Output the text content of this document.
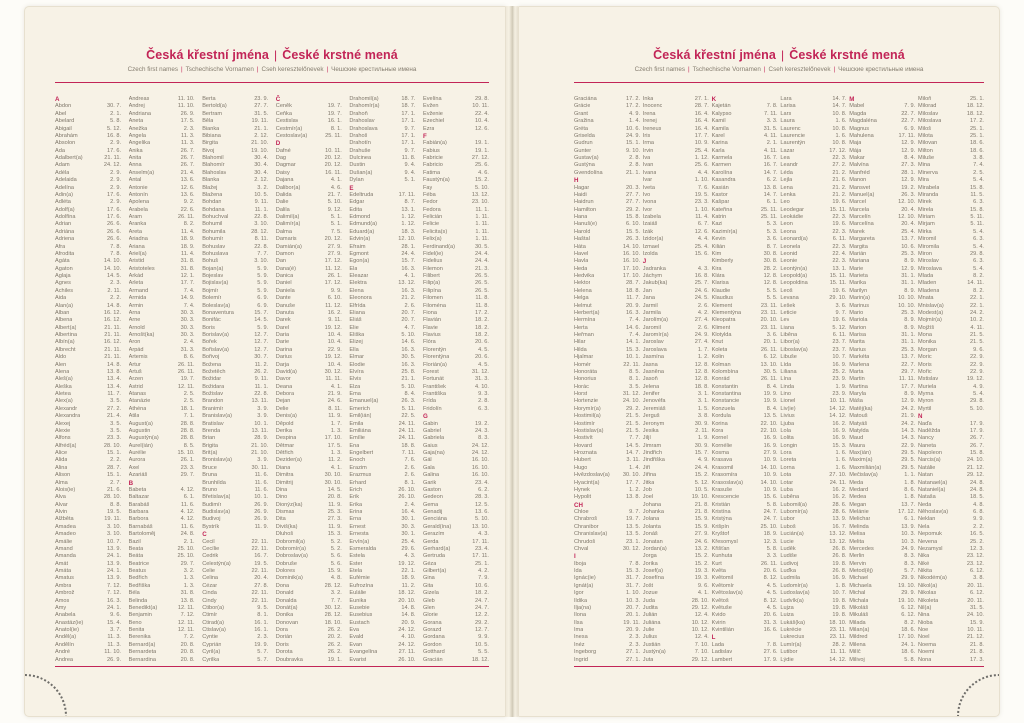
Česká křestní jména | České krstné mená
Czech first names | Tschechische Vornamen | Cseh keresztelőnevek | Чешские крестильные имена
A
Abdon	30. 7.
Ábel	2. 1.
Abelard	5. 8.
Abigail	5. 12.
Abrahám	16. 8.
Absolon	2. 9.
Ada	17. 6.
Adalbert(a)	21. 11.
Adam	24. 12.
Adéla	2. 9.
Adelaida	2. 9.
Adelína	2. 9.
Adin(a)	17. 6.
Adléta	2. 9.
Adolf(a)	17. 6.
Adolfína	17. 6.
Adrian	26. 6.
Adriána	26. 6.
Adriena	26. 6.
Afra	7. 8.
Afrodita	7. 8.
Agáta	14. 10.
Agaton	14. 10.
Aglaja	14. 5.
Agnes	2. 3.
Achiles	2. 11.
Aida	2. 2.
Alan(a)	14. 8.
Alban	16. 12.
Albena	16. 12.
Albert(a)	21. 11.
Albertina	21. 11.
Albín(a)	16. 12.
Albrecht	21. 11.
Aldo	21. 11.
Alen	14. 8.
Alena	13. 8.
Aleš(a)	13. 4.
Aleška	13. 4.
Aletea	11. 7.
Alex(a)	3. 5.
Alexandr	27. 2.
Alexandra	21. 4.
Alexej	3. 5.
Alexie	3. 5.
Alfons	23. 3.
Alfréd(a)	28. 10.
Alice	15. 1.
Alida	2. 2.
Alina	28. 7.
Alison	15. 1.
Alma	2. 7.
Alois(ie)	21. 6.
Alva	28. 10.
Alvar	8. 8.
Alvin	19. 5.
Alžběta	19. 11.
Amadea	3. 10.
Amadeo	3. 10.
Amálie	10. 7.
Amand	13. 9.
Amanda	24. 1.
Amát	13. 9.
Amáta	24. 1.
Amatus	13. 9.
Ambra	7. 12.
Ambrož	7. 12.
Ámos	16. 3.
Amy	24. 1.
Anabela	9. 6.
Anastáz(ie)	15. 4.
Anatol(ie)	3. 7.
Anděl(a)	11. 3.
Andělín	11. 3.
André	11. 10.
Andrea	26. 9.
Andreas	11. 10.
Andrej	11. 10.
Andriana	26. 9.
Aneta	17. 5.
Anežka	2. 3.
Angela	11. 3.
Angelika	11. 3.
Anika	26. 7.
Anita	26. 7.
Anna	26. 7.
Anselm(a)	21. 4.
Antal	13. 6.
Antonie	12. 6.
Antonín	13. 6.
Apolena	9. 2.
Arabela	22. 6.
Aram	26. 11.
Aranka	8. 2.
Areta	11. 4.
Ariadna	18. 9.
Ariana	18. 9.
Ariel(a)	11. 4.
Aristid	31. 8.
Aristoteles	31. 8.
Arkád	12. 1.
Arleta	17. 7.
Armand	7. 4.
Armida	14. 9.
Armin	7. 4.
Arna	30. 3.
Arne	30. 3.
Arnold	30. 3.
Arnošt(ka)	30. 3.
Áron	2. 4.
Árpád	31. 3.
Artemis	8. 6.
Artur	26. 11.
Artuš	26. 11.
Arzen	19. 7.
Astrid	12. 11.
Atanas	2. 5.
Atanázie	2. 5.
Athéna	18. 1.
Atila	7. 1.
August(a)	28. 8.
Augustin	28. 8.
Augustýn(a)	28. 8.
Aurel(ián)	8. 5.
Aurélie	15. 10.
Aurora	26. 1.
Axel	23. 3.
Azariáš	29. 7.
B
Babeta	4. 12.
Baltazar	6. 1.
Barabáš	11. 6.
Barbara	4. 12.
Barbora	4. 12.
Barnabáš	11. 6.
Bartoloměj	24. 8.
Bazil	2. 1.
Beata	25. 10.
Beáta	25. 10.
Beatrice	29. 7.
Beatus	3. 2.
Bedřich	1. 3.
Bedřiška	1. 3.
Béla	31. 8.
Belinda	13. 8.
Benedikt(a)	12. 11.
Benjamin	7. 12.
Beno	12. 11.
Benita	12. 11.
Berenika	7. 2.
Bernard(a)	20. 8.
Bernardeta	20. 8.
Bernardina	20. 8.
Berta	23. 9.
Bertold(a)	27. 7.
Bertram	31. 5.
Běla	19. 11.
Bianka	21. 1.
Bibiana	2. 12.
Birgita	21. 10.
Bivoj	19. 10.
Blahomil	30. 4.
Blahomír	30. 4.
Blahoslav	30. 4.
Blanka	2. 12.
Blažej	3. 2.
Blažena	10. 5.
Bohdan	9. 11.
Bohdana	11. 1.
Bohuchval	22. 8.
Bohumil	3. 10.
Bohumila	28. 12.
Bohumír	8. 11.
Bohuslav	22. 8.
Bohuslava	7. 7.
Bohuš	3. 10.
Bojan(a)	5. 9.
Bojeslav	5. 9.
Bojislav(a)	5. 9.
Bojmír	5. 9.
Bolemír	6. 9.
Boleslav(a)	6. 9.
Bonaventura	15. 7.
Bonifác	14. 5.
Boris	5. 9.
Borislav(a)	12. 7.
Bořek	12. 7.
Bořislav(a)	12. 7.
Bořivoj	30. 7.
Božena	11. 2.
Božetěch	26. 2.
Božidar	9. 11.
Božidara	11. 1.
Božislav	22. 8.
Brandon	13. 11.
Branimír	3. 9.
Branislav(a)	3. 9.
Bratislav	10. 1.
Brenda	13. 11.
Brian	28. 9.
Brigita	21. 10.
Brit(a)	21. 10.
Bronislav(a)	3. 9.
Bruce	30. 11.
Bruna	11. 6.
Brunhilda	11. 6.
Bruno	11. 6.
Břetislav(a)	10. 1.
Budimír	26. 9.
Budislav(a)	26. 9.
Budivoj	26. 9.
Bystrík	11. 9.
C
Cecil	22. 11.
Cecílie	22. 11.
Cedrik	16. 7.
Celestýn(a)	19. 5.
Celie	22. 11.
Celina	20. 4.
Cézar	27. 8.
Cinda	22. 11.
Cindy	22. 11.
Ctibor(a)	9. 5.
Ctimír	8. 1.
Ctirad(a)	16. 1.
Ctislav(a)	16. 1.
Cyntie	2. 3.
Cyprián	19. 9.
Cyril(a)	5. 7.
Cyrilka	5. 7.
Č
Čeněk	19. 7.
Čeňka	19. 7.
Čestislav	16. 1.
Čestmír(a)	8. 1.
Čestoslav(a)	25. 11.
D
Dafné	10. 11.
Dag	20. 12.
Dagmar	20. 12.
Daisy	16. 11.
Dajana	4. 1.
Dalibor(a)	4. 6.
Dalida	21. 7.
Dalie	5. 10.
Dalila	9. 12.
Dalimil(a)	5. 1.
Dalimír(a)	5. 1.
Dalma	7. 5.
Damaris	20. 12.
Damián(a)	27. 9.
Damon	27. 9.
Dan	17. 12.
Dana(é)	11. 12.
Danica	26. 1.
Daniel	17. 12.
Daniela	9. 9.
Dante	6. 10.
Danuše	11. 12.
Danuta	16. 2.
Darek	9. 11.
Darel	19. 12.
Daria	10. 4.
Darie	10. 4.
Darina	22. 9.
Darius	19. 12.
Darja	10. 4.
David(a)	30. 12.
Davor	11. 11.
Deana	4. 1.
Debora	21. 9.
Dejan	24. 6.
Delie	8. 11.
Denis(a)	11. 9.
Děpold	1. 7.
Derika	1. 3.
Despina	17. 10.
Dětmar	17. 5.
Dětřich	1. 3.
Dezider(a)	11. 2.
Diana	4. 1.
Dimitra	30. 10.
Dimitrij	30. 10.
Dina	14. 5.
Dino	20. 8.
Dionýz(ka)	11. 9.
Dismas	25. 3.
Dita	27. 3.
Diviš(ka)	11. 9.
Dluhoš	15. 3.
Dobromil(a)	5. 2.
Dobromír(a)	5. 2.
Dobroslav(a)	5. 6.
Dobruše	5. 6.
Dolores	15. 9.
Dominik(a)	4. 8.
Dona	28. 12.
Donald	3. 2.
Donalda	7. 7.
Donát(a)	30. 12.
Donika	28. 12.
Donovan	18. 10.
Dora	26. 2.
Dorián	20. 2.
Doris	26. 2.
Dorota	26. 2.
Doubravka	19. 1.
Drahomil(a)	18. 7.
Drahomír(a)	18. 7.
Drahoň	17. 1.
Drahoslav	17. 1.
Drahoslava	9. 7.
Drahoš	17. 1.
Drahotín	17. 1.
Drahuše	9. 7.
Dulcinea	11. 8.
Dustin	9. 4.
Dušan(a)	9. 4.
Dylan	5. 1.
E
Edeltruda	17. 11.
Edgar	8. 7.
Edita	13. 1.
Edmond	1. 12.
Edmund(a)	1. 12.
Eduard(a)	18. 3.
Edvin(a)	12. 10.
Efraim	28. 1.
Egmont	24. 4.
Egon(a)	15. 7.
Ela	16. 3.
Eleazar	4. 1.
Elektra	13. 12.
Elena	16. 3.
Eleonora	21. 2.
Elfrída	2. 6.
Eliana	20. 7.
Eliáš	20. 7.
Elie	4. 7.
Eliška	5. 10.
Elizej	14. 6.
Ella	16. 3.
Elmar	30. 5.
Elodie	16. 3.
Elvíra	25. 8.
Elvis	21. 1.
Elza	5. 10.
Ema	8. 4.
Emanuel(a)	26. 3.
Emerich	5. 11.
Emil(ián)	22. 5.
Emila	24. 11.
Emiliána	24. 11.
Emílie	24. 11.
Ena	18. 8.
Engelbert	7. 11.
Enoch	7. 6.
Erazim	2. 6.
Erazmus	2. 6.
Erhard	8. 1.
Erich	26. 10.
Erik	26. 10.
Erika	2. 4.
Erina	16. 4.
Erna	30. 1.
Ernest	30. 3.
Ernesta	30. 1.
Ervín(a)	25. 4.
Esmeralda	29. 6.
Estela	4. 3.
Ester	19. 12.
Etela	22. 1.
Eufémie	18. 9.
Eufrozína	11. 2.
Eulálie	18. 12.
Eunika	20. 10.
Eusebie	14. 8.
Eusebius	14. 8.
Eustach	20. 9.
Eva	24. 12.
Evald	4. 10.
Evan	24. 12.
Evangelína	27. 11.
Evarist	26. 10.
Evelína	29. 8.
Evžen	10. 11.
Evženie	22. 4.
Ezechiel	10. 4.
Ezra	12. 6.
F
Fabián(a)	19. 1.
Fabius	19. 1.
Fabricie	27. 12.
Fabricio	25. 6.
Fatima	4. 6.
Faustýn(a)	15. 2.
Fay	5. 10.
Féba	13. 12.
Fedor	23. 10.
Fedora	11. 1.
Felicián	1. 11.
Felicie	1. 11.
Felicita(s)	1. 11.
Felix(a)	1. 11.
Ferdinand(a)	30. 5.
Fidel(ie)	24. 4.
Fidelius	24. 4.
Filemon	21. 3.
Filibert	26. 5.
Filip(a)	26. 5.
Filipína	26. 5.
Filomen	11. 8.
Filoména	11. 8.
Fiona	17. 2.
Flavián	18. 2.
Flavie	18. 2.
Flavius	18. 2.
Flóra	20. 6.
Florentýn	4. 5.
Florentýna	20. 6.
Florián(a)	4. 5.
Forest	31. 12.
Fortunát	31. 3.
František	4. 10.
Františka	9. 3.
Frída	2. 8.
Fridolín	6. 3.
G
Gabin	19. 2.
Gabriel	24. 3.
Gabriela	8. 3.
Gaius	24. 12.
Gaja(na)	24. 12.
Gál	16. 10.
Gala	16. 10.
Galina	16. 10.
Garik	23. 4.
Gaston	6. 2.
Gedeon	28. 3.
Gema	12. 5.
Genadij	13. 6.
Genciána	5. 10.
Gerald(ína)	13. 10.
Gerazím	4. 3.
Gerda	17. 11.
Gerhard(a)	23. 4.
Gertruda	17. 11.
Géza	25. 1.
Gilbert(a)	4. 2.
Gina	7. 9.
Gita	10. 6.
Gizela	18. 2.
Gleb	24. 7.
Glen	24. 7.
Glorie	12. 2.
Gorana	29. 2.
Gorazd	12. 7.
Gordana	9. 9.
Gordon	10. 5.
Gotthard	5. 5.
Gracián	18. 12.
Česká křestní jména | České krstné mená
Czech first names | Tschechische Vornamen | Cseh keresztelőnevek | Чешские крестильные имена
Graciána	17. 2.
Grácie	17. 2.
Grant	4. 9.
Gražina	1. 4.
Gréta	10. 6.
Griselda	24. 9.
Gudrun	15. 1.
Gunter	9. 10.
Gustav(a)	2. 8.
Gustýna	2. 8.
Gvendolína	21. 1.
H
Hagar	20. 3.
Haidi	27. 7.
Haidrun	27. 7.
Hamilton	29. 2.
Hana	15. 8.
Hanuš(e)	6. 10.
Harold	15. 5.
Haštal	26. 3.
Háta	14. 10.
Havel	16. 10.
Havla	16. 10.
Heda	17. 10.
Hedvika	17. 10.
Hektor	28. 7.
Helena	18. 8.
Helga	11. 7.
Helmut	20. 9.
Herbert(a)	16. 3.
Hermína	7. 4.
Herta	14. 6.
Heřman	7. 4.
Hilar	14. 1.
Hilda	15. 3.
Hjalmar	10. 1.
Homér	22. 11.
Honoráta	8. 5.
Honorius	8. 1.
Horác	3. 5.
Horst	31. 12.
Hortenzie	24. 10.
Horymír(a)	29. 2.
Hostimil(a)	21. 5.
Hostimír	21. 5.
Hostislav(a)	21. 5.
Hostivít	7. 7.
Hovard	14. 5.
Hroznata	14. 7.
Hubert	3. 11.
Hugo	1. 4.
Hvězdoslav(a) 30. 10.
Hyacint(a)	17. 7.
Hynek	1. 2.
Hypolit	13. 8.
CH
Chloe	9. 7.
Chrabroš	19. 7.
Chranibor	13. 5.
Chranislav(a)	13. 5.
Chrudoš	23. 1.
Chval	30. 12.
I
Iboja	7. 8.
Ida	15. 3.
Ignác(ie)	31. 7.
Ignát(a)	31. 7.
Igor	1. 10.
Ildika	10. 3.
Ilja(na)	20. 7.
Ilona	20. 1.
Ilsa	19. 11.
Ima	20. 9.
Inesa	2. 3.
Inéz	2. 3.
Ingeborg	27. 1.
Ingrid	27. 1.
Inka	27. 1.
Inocenc	28. 7.
Irena	16. 4.
Irenej	16. 4.
Ireneus	16. 4.
Iris	17. 7.
Irma	10. 9.
Irvin	25. 4.
Iva	1. 12.
Ivan	25. 6.
Ivana	4. 4.
Ivar	1. 10.
Iveta	7. 6.
Ivo	19. 5.
Ivona	23. 3.
Ivor	1. 10.
Izabela	11. 4.
Izaiáš	6. 7.
Izák	12. 6.
Izidor(a)	4. 4.
Izmael	25. 4.
Izolda	15. 6.
J
Jadranka	4. 3.
Jáchym	16. 8.
Jakub(ka)	25. 7.
Jan	24. 6.
Jana	24. 5.
Jarmil	2. 6.
Jarmila	4. 2.
Jarolím(a)	27. 4.
Jaromil	2. 6.
Jaromír(a)	24. 9.
Jaroslav	27. 4.
Jaroslava	1. 7.
Jasmína	1. 2.
Jasna	12. 8.
Jasněna	12. 8.
Jasoň	12. 8.
Jelena	18. 8.
Jenifer	3. 1.
Jenovéfa	3. 1.
Jeremiáš	1. 5.
Jerguš	3. 8.
Jeronym	30. 9.
Jesika	2. 11.
Jiljí	1. 9.
Jimram	30. 9.
Jindřich	15. 7.
Jindřiška	4. 9.
Jiří	24. 4.
Jiřina	15. 2.
Jitka	5. 12.
Job	10. 5.
Joel	19. 10.
Johana	21. 8.
Johanka	21. 8.
Jolana	15. 9.
Jolanta	15. 9.
Jonáš	27. 9.
Jonatan	24. 6.
Jordan(a)	13. 2.
Jorga	15. 2.
Jorika	15. 2.
Josef(a)	19. 3.
Josefína	19. 3.
Jošt	9. 6.
Jozue	4. 1.
Juda	28. 10.
Judita	29. 12.
Julián	12. 4.
Juliána	10. 12.
Julie	10. 12.
Julius	12. 4.
Justián	7. 10.
Justýn(a)	7. 10.
Juta	29. 12.
K
Kajetán	7. 8.
Kalypso	7. 11.
Kamil	3. 3.
Kamila	31. 5.
Karel	4. 11.
Karina	2. 1.
Karla	4. 11.
Karmela	16. 7.
Karmen	16. 7.
Karolína	14. 7.
Kasandra	6. 2.
Kasián	13. 8.
Kastor	14. 7.
Kašpar	6. 1.
Kateřina	25. 11.
Katrin	25. 11.
Kazi	5. 3.
Kazimír(a)	5. 3.
Kevin	3. 6.
Kilián	8. 7.
Kim	30. 8.
Kimberly	30. 8.
Kira	28. 2.
Klára	12. 8.
Klarisa	12. 8.
Klaudie	5. 5.
Klaudius	5. 5.
Klement	23. 11.
Klementýna	23. 11.
Kleopatra	20. 10.
Kliment	23. 11.
Klotylda	3. 6.
Knut	20. 1.
Koleta	26. 11.
Kolin	6. 12.
Kolman	13. 10.
Kolombína	30. 5.
Konrád	26. 11.
Konstantin	8. 4.
Konstantina	19. 9.
Konstancie	19. 9.
Konzuela	8. 4.
Kordula	13. 5.
Korina	22. 10.
Kora	22. 10.
Kornel	16. 9.
Kornélie	16. 9.
Kosma	27. 9.
Krasava	10. 9.
Krasomil	14. 10.
Krasomíra	10. 9.
Krasoslav(a)	14. 10.
Krasuše	10. 9.
Krescencie	15. 6.
Kristián	5. 8.
Kristína	24. 7.
Kristýna	24. 7.
Krišpín	25. 10.
Kryštof	18. 9.
Křesomysl	12. 3.
Křišťan	5. 8.
Kunhuta	3. 3.
Kurt	26. 11.
Květa	20. 6.
Květomil	8. 12.
Květomír	4. 5.
Květoslav(a)	4. 5.
Květoš	8. 12.
Květuše	4. 5.
Kvido	20. 6.
Kvirin	31. 3.
Kvintilián	16. 6.
L
Lada	7. 8.
Ladislav	27. 6.
Lambert	17. 9.
Lara	14. 7.
Larisa	14. 7.
Lars	10. 8.
Laura	1. 6.
Laurenc	10. 8.
Laurencie	1. 6.
Laurentýn	10. 8.
Lazar	17. 12.
Lea	22. 3.
Leandr	27. 2.
Léda	21. 2.
Lejla	21. 6.
Lena	21. 2.
Lenka	21. 2.
Leo	19. 6.
Leodegar	15. 11.
Leokádie	22. 3.
Leon	19. 6.
Leona	22. 3.
Leonard(a)	6. 11.
Leonela	22. 3.
Leonid	22. 4.
Leonie	22. 3.
Leontýn(a)	13. 1.
Leopold(a)	15. 11.
Leopoldina	15. 11.
Leoš	19. 6.
Levana	29. 10.
Lešek	3. 6.
Leticie	9. 7.
Lev	19. 6.
Liana	5. 12.
Liběna	6. 11.
Libor(a)	23. 7.
Liboslav(a)	23. 7.
Libuše	10. 7.
Lída	16. 9.
Liliana	25. 2.
Lína	23. 9.
Linda	1. 9.
Lino	23. 9.
Lionel	10. 11.
Liv(ie)	14. 12.
Livius	14. 12.
Ljuba	16. 2.
Lola	16. 9.
Lolita	16. 9.
Longin	15. 3.
Lora	1. 6.
Loreta	1. 6.
Lorna	1. 6.
Lota	27. 10.
Lotar	24. 11.
Luba	16. 2.
Luběna	16. 2.
Lubomil(a)	28. 6.
Lubomír(a)	28. 6.
Lubor	13. 9.
Luboš	16. 7.
Lucián(a)	13. 12.
Lucie	13. 12.
Luděk	26. 8.
Ludiše	26. 8.
Ludivoj	19. 8.
Luďka	26. 8.
Ludmila	16. 9.
Ludomír(a)	1. 8.
Ludoslav(a)	10. 7.
Ludvík(a)	19. 8.
Lujza	19. 8.
Luiza	19. 8.
Lukáš(ka)	18. 10.
Lukrécie	23. 11.
Lukrecius	23. 11.
Lumír(a)	28. 2.
Lutibor	11. 11.
Lýdie	14. 12.
M
Mabel	7. 9.
Magda	22. 7.
Magdaléna	22. 7.
Magnus	6. 9.
Mahulena	17. 11.
Maja	12. 9.
Mája	12. 9.
Makar	8. 4.
Malvína	27. 3.
Manfréd	28. 1.
Manon	12. 9.
Mansvet	19. 2.
Manuel(a)	26. 3.
Marcel	12. 10.
Marcela	20. 4.
Marcelín	12. 10.
Marcelína	20. 4.
Marek	25. 4.
Margareta	13. 7.
Margita	10. 6.
Marián	25. 3.
Mariana	8. 9.
Marie	12. 9.
Marieta	31. 1.
Marika	31. 1.
Marilyn	8. 9.
Marin(a)	10. 10.
Marinus	10. 10.
Mario	25. 3.
Mariola	8. 9.
Marion	8. 9.
Marisa	31. 1.
Marita	31. 1.
Marius	25. 3.
Markéta	13. 7.
Marlena	22. 7.
Marta	29. 7.
Martin	11. 11.
Martina	17. 7.
Maryla	8. 9.
Máša	12. 9.
Matěj(ka)	24. 2.
Matouš	21. 9.
Matyáš	24. 2.
Matylda	14. 3.
Maud	14. 3.
Maura	22. 9.
Max(ián)	29. 5.
Maxim(a)	29. 5.
Maxmilián(a)	29. 5.
Mečislav(a)	1. 1.
Meda	1. 8.
Medard	8. 6.
Medea	1. 8.
Megan	13. 7.
Melánie	17. 12.
Melichar	6. 1.
Melinda	13. 9.
Melisa	10. 3.
Melita	10. 3.
Mercedes	24. 9.
Merlin	8. 3.
Mervin	8. 3.
Metod(ěj)	5. 7.
Michael	29. 9.
Michaela	19. 10.
Michal	29. 9.
Michala	19. 10.
Mikoláš	6. 12.
Mikuláš	6. 12.
Milada	8. 2.
Milan(a)	18. 6.
Mildred	17. 10.
Milena	24. 1.
Milíč	18. 6.
Milivoj	5. 8.
Miloň	25. 1.
Milorad	18. 12.
Miloslav	18. 12.
Miloslava	17. 2.
Miloš	25. 1.
Milota	25. 1.
Milovan	18. 6.
Milton	18. 6.
Miluše	3. 8.
Mina	7. 4.
Minerva	2. 5.
Mira	5. 4.
Mirabela	15. 8.
Miranda	11. 5.
Mirek	6. 3.
Mirela	15. 8.
Miriam	5. 11.
Mirjam	5. 11.
Mirka	5. 4.
Miromil	6. 3.
Miromila	5. 4.
Miron	29. 8.
Miroslav	6. 3.
Miroslava	5. 4.
Mlada	8. 2.
Mladen	14. 11.
Mladena	8. 2.
Mnata	22. 1.
Mnislav(a)	22. 1.
Modest(a)	24. 2.
Mojmír(a)	10. 2.
Mojžíš	4. 11.
Mona	21. 5.
Monika	21. 5.
Morgan	9. 6.
Moric	22. 9.
Moris	22. 9.
Mořic	22. 9.
Mstislav	19. 12.
Muriela	4. 9.
Myrna	5. 4.
Myron	29. 8.
Myrtil	5. 10.
N
Naďa	17. 9.
Naděžda	17. 9.
Nancy	26. 7.
Naneta	26. 7.
Napoleon	15. 8.
Narcis(a)	24. 10.
Natálie	21. 12.
Natan	29. 12.
Natanael(a)	24. 8.
Nataniel(a)	24. 8.
Nataša	18. 5.
Neda	4. 8.
Něhoslav(a)	6. 8.
Neklan	9. 9.
Nela	2. 2.
Nepomuk	16. 5.
Nevena	25. 2.
Nezamysl	12. 3.
Nika	23. 12.
Niké	23. 12.
Nikita	6. 12.
Nikodém(a)	3. 8.
Nikol(a)	20. 11.
Nikolas	6. 12.
Nikoleta	20. 11.
Nil(a)	31. 5.
Nina	24. 10.
Nioba	15. 9.
Noe	10. 11.
Noel	21. 12.
Noema	21. 8.
Noemi	21. 8.
Nona	17. 3.
